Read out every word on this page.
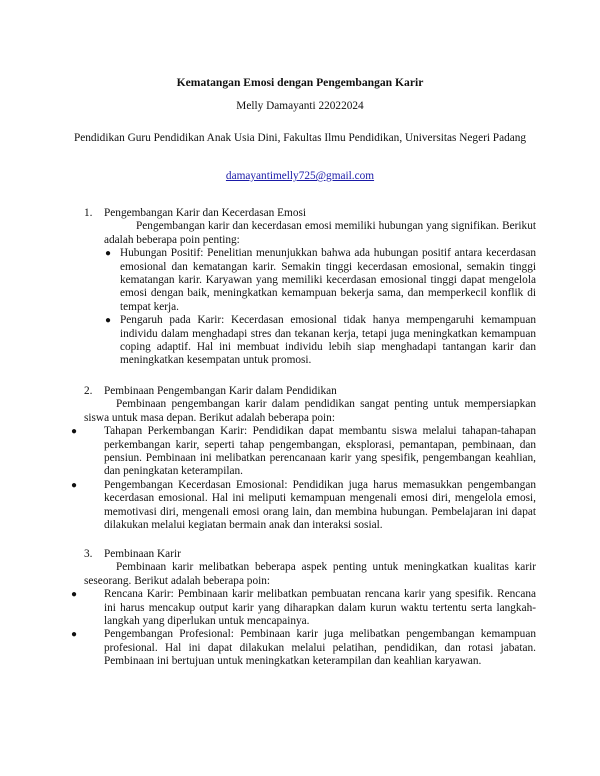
Kematangan Emosi dengan Pengembangan Karir
Melly Damayanti 22022024
Pendidikan Guru Pendidikan Anak Usia Dini, Fakultas Ilmu Pendidikan, Universitas Negeri Padang
damayantimelly725@gmail.com
1.	Pengembangan Karir dan Kecerdasan Emosi

Pengembangan karir dan kecerdasan emosi memiliki hubungan yang signifikan. Berikut adalah beberapa poin penting:

● Hubungan Positif: Penelitian menunjukkan bahwa ada hubungan positif antara kecerdasan emosional dan kematangan karir. Semakin tinggi kecerdasan emosional, semakin tinggi kematangan karir. Karyawan yang memiliki kecerdasan emosional tinggi dapat mengelola emosi dengan baik, meningkatkan kemampuan bekerja sama, dan memperkecil konflik di tempat kerja.
● Pengaruh pada Karir: Kecerdasan emosional tidak hanya mempengaruhi kemampuan individu dalam menghadapi stres dan tekanan kerja, tetapi juga meningkatkan kemampuan coping adaptif. Hal ini membuat individu lebih siap menghadapi tantangan karir dan meningkatkan kesempatan untuk promosi.
2.	Pembinaan Pengembangan Karir dalam Pendidikan

Pembinaan pengembangan karir dalam pendidikan sangat penting untuk mempersiapkan siswa untuk masa depan. Berikut adalah beberapa poin:

● Tahapan Perkembangan Karir: Pendidikan dapat membantu siswa melalui tahapan-tahapan perkembangan karir, seperti tahap pengembangan, eksplorasi, pemantapan, pembinaan, dan pensiun. Pembinaan ini melibatkan perencanaan karir yang spesifik, pengembangan keahlian, dan peningkatan keterampilan.
● Pengembangan Kecerdasan Emosional: Pendidikan juga harus memasukkan pengembangan kecerdasan emosional. Hal ini meliputi kemampuan mengenali emosi diri, mengelola emosi, memotivasi diri, mengenali emosi orang lain, dan membina hubungan. Pembelajaran ini dapat dilakukan melalui kegiatan bermain anak dan interaksi sosial.
3.	Pembinaan Karir

Pembinaan karir melibatkan beberapa aspek penting untuk meningkatkan kualitas karir seseorang. Berikut adalah beberapa poin:

● Rencana Karir: Pembinaan karir melibatkan pembuatan rencana karir yang spesifik. Rencana ini harus mencakup output karir yang diharapkan dalam kurun waktu tertentu serta langkah-langkah yang diperlukan untuk mencapainya.
● Pengembangan Profesional: Pembinaan karir juga melibatkan pengembangan kemampuan profesional. Hal ini dapat dilakukan melalui pelatihan, pendidikan, dan rotasi jabatan. Pembinaan ini bertujuan untuk meningkatkan keterampilan dan keahlian karyawan.
